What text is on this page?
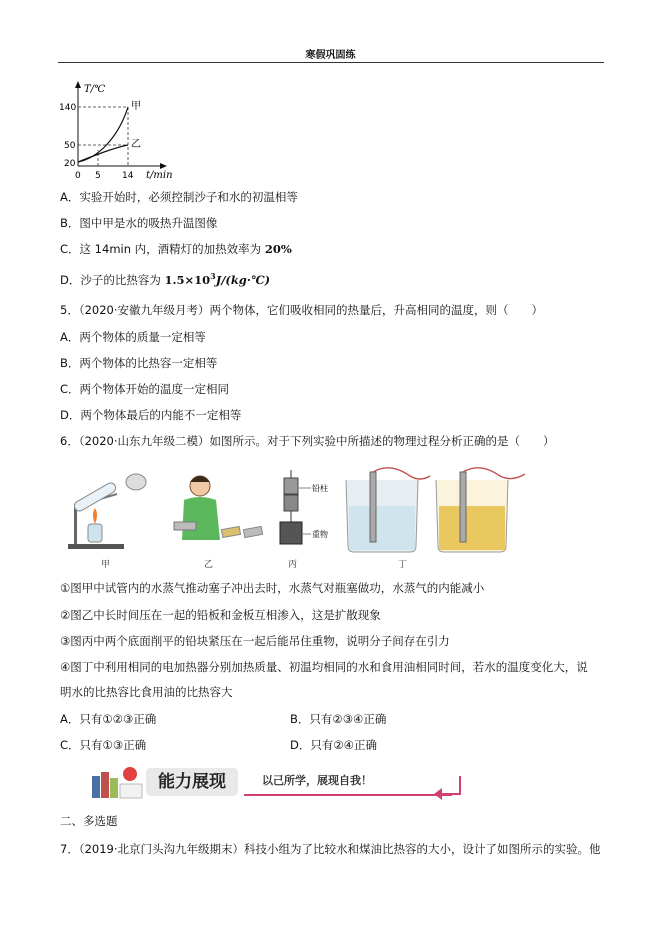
寒假巩固练
T/℃
140
50
20
0 5 14 t/min
甲
乙
A．实验开始时，必须控制沙子和水的初温相等
B．图中甲是水的吸热升温图像
C．这 14min 内，酒精灯的加热效率为 20%
D．沙子的比热容为 $1.5\times 10^3J/(kg\cdot℃)$
5．（2020·安徽九年级月考）两个物体，它们吸收相同的热量后，升高相同的温度，则（　　）
A．两个物体的质量一定相等
B．两个物体的比热容一定相等
C．两个物体开始的温度一定相同
D．两个物体最后的内能不一定相等
6．（2020·山东九年级二模）如图所示。对于下列实验中所描述的物理过程分析正确的是（　　）
铅柱
重物
甲	乙	丙	丁
①图甲中试管内的水蒸气推动塞子冲出去时，水蒸气对瓶塞做功，水蒸气的内能减小
②图乙中长时间压在一起的铅板和金板互相渗入，这是扩散现象
③图丙中两个底面削平的铅块紧压在一起后能吊住重物，说明分子间存在引力
④图丁中利用相同的电加热器分别加热质量、初温均相同的水和食用油相同时间，若水的温度变化大，说
明水的比热容比食用油的比热容大
A．只有①②③正确	B．只有②③④正确
C．只有①③正确	D．只有②④正确
能力展现	以己所学，展现自我！
二、多选题
7．（2019·北京门头沟九年级期末）科技小组为了比较水和煤油比热容的大小，设计了如图所示的实验。他
